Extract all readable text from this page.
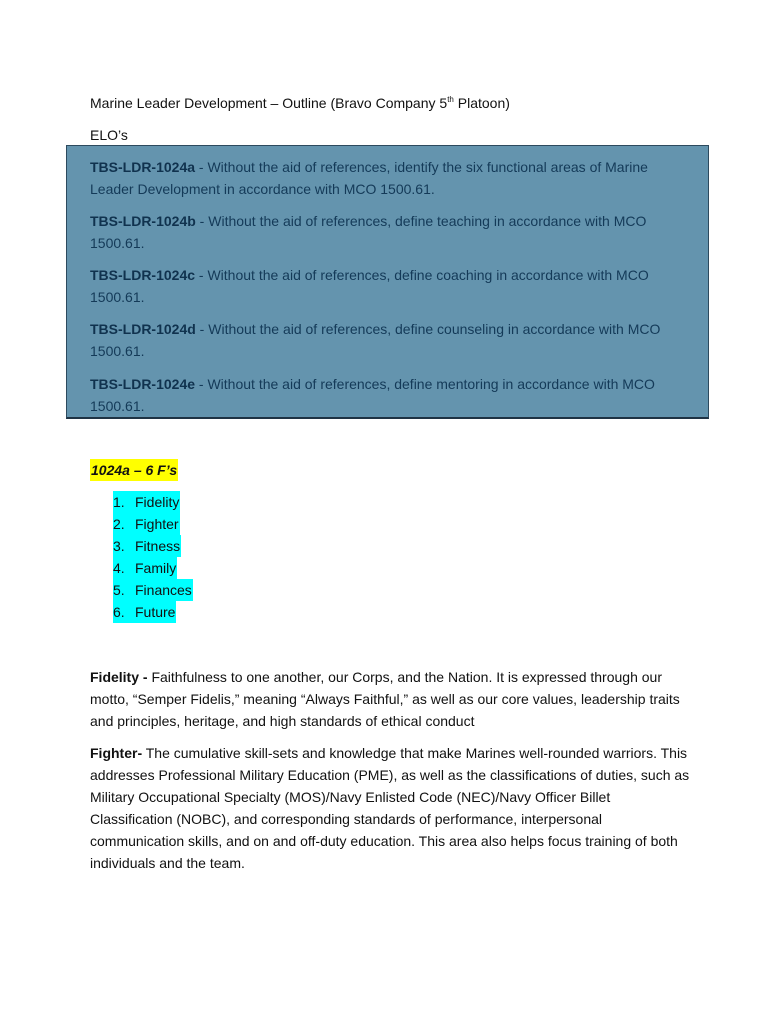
Marine Leader Development – Outline (Bravo Company 5th Platoon)
ELO’s
TBS-LDR-1024a - Without the aid of references, identify the six functional areas of Marine Leader Development in accordance with MCO 1500.61.
TBS-LDR-1024b - Without the aid of references, define teaching in accordance with MCO 1500.61.
TBS-LDR-1024c - Without the aid of references, define coaching in accordance with MCO 1500.61.
TBS-LDR-1024d - Without the aid of references, define counseling in accordance with MCO 1500.61.
TBS-LDR-1024e - Without the aid of references, define mentoring in accordance with MCO 1500.61.
1024a – 6 F’s
1. Fidelity
2. Fighter
3. Fitness
4. Family
5. Finances
6. Future
Fidelity - Faithfulness to one another, our Corps, and the Nation. It is expressed through our motto, “Semper Fidelis,” meaning “Always Faithful,” as well as our core values, leadership traits and principles, heritage, and high standards of ethical conduct
Fighter- The cumulative skill-sets and knowledge that make Marines well-rounded warriors. This addresses Professional Military Education (PME), as well as the classifications of duties, such as Military Occupational Specialty (MOS)/Navy Enlisted Code (NEC)/Navy Officer Billet Classification (NOBC), and corresponding standards of performance, interpersonal communication skills, and on and off-duty education. This area also helps focus training of both individuals and the team.
